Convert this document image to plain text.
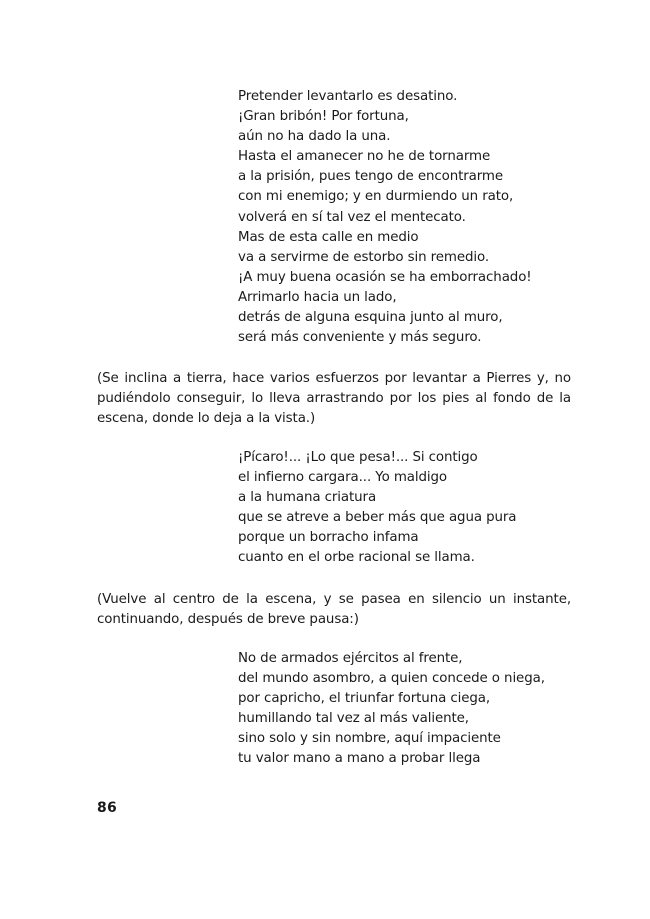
Pretender levantarlo es desatino.
¡Gran bribón! Por fortuna,
aún no ha dado la una.
Hasta el amanecer no he de tornarme
a la prisión, pues tengo de encontrarme
con mi enemigo; y en durmiendo un rato,
volverá en sí tal vez el mentecato.
Mas de esta calle en medio
va a servirme de estorbo sin remedio.
¡A muy buena ocasión se ha emborrachado!
Arrimarlo hacia un lado,
detrás de alguna esquina junto al muro,
será más conveniente y más seguro.

(Se inclina a tierra, hace varios esfuerzos por levantar a Pierres y, no pudiéndolo conseguir, lo lleva arrastrando por los pies al fondo de la escena, donde lo deja a la vista.)

¡Pícaro!... ¡Lo que pesa!... Si contigo
el infierno cargara... Yo maldigo
a la humana criatura
que se atreve a beber más que agua pura
porque un borracho infama
cuanto en el orbe racional se llama.

(Vuelve al centro de la escena, y se pasea en silencio un instante, continuando, después de breve pausa:)

No de armados ejércitos al frente,
del mundo asombro, a quien concede o niega,
por capricho, el triunfar fortuna ciega,
humillando tal vez al más valiente,
sino solo y sin nombre, aquí impaciente
tu valor mano a mano a probar llega
86
